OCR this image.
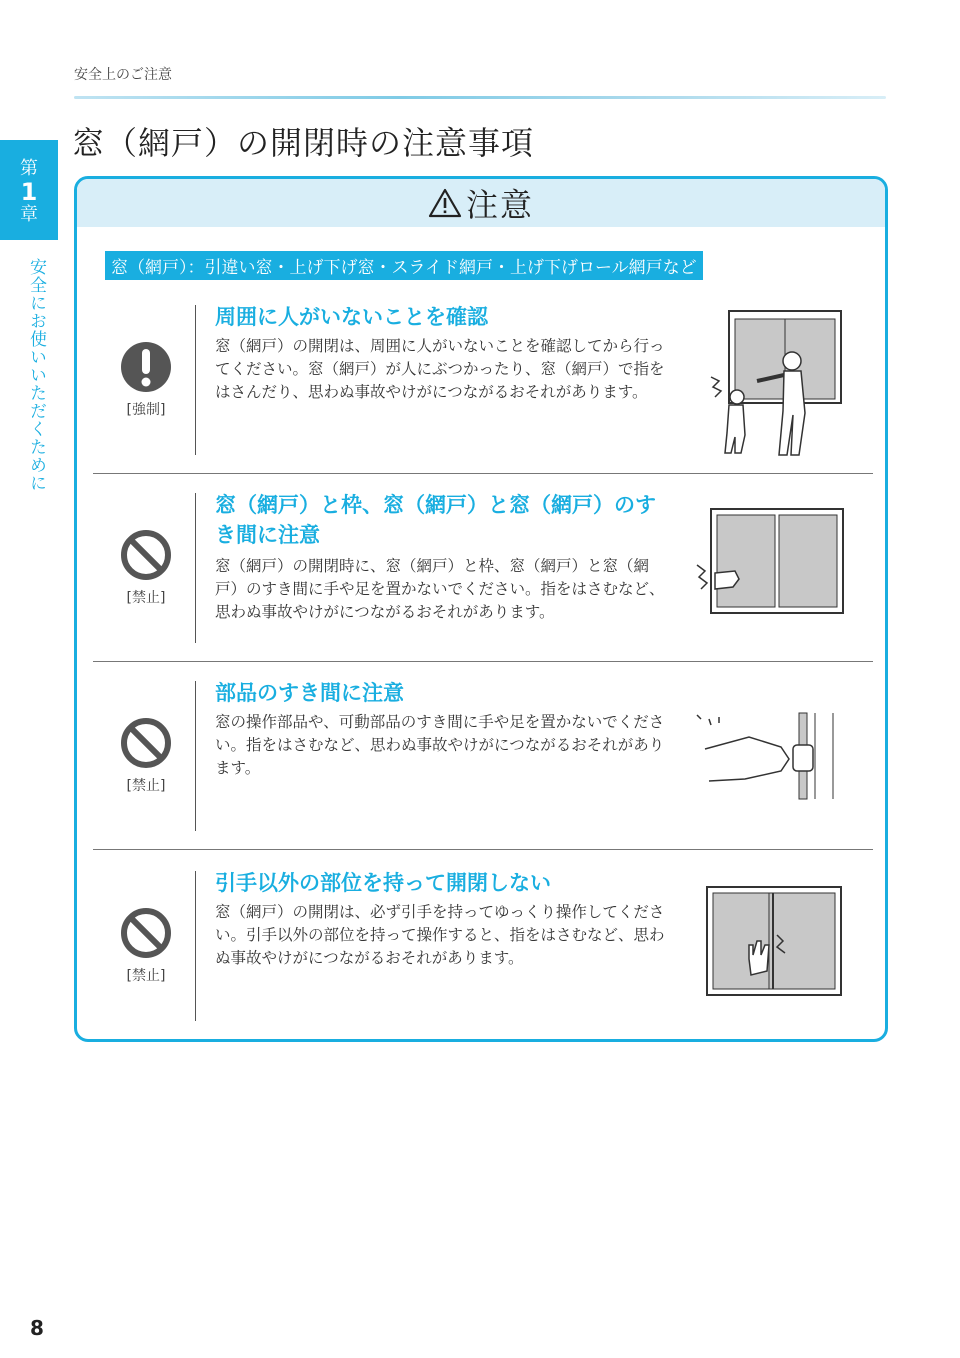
安全上のご注意
窓（網戸）の開閉時の注意事項
第
1
章
安全にお使いいただくために
注意
窓（網戸）：引違い窓・上げ下げ窓・スライド網戸・上げ下げロール網戸など
[強制]
周囲に人がいないことを確認
窓（網戸）の開閉は、周囲に人がいないことを確認してから行ってください。窓（網戸）が人にぶつかったり、窓（網戸）で指をはさんだり、思わぬ事故やけがにつながるおそれがあります。
[禁止]
窓（網戸）と枠、窓（網戸）と窓（網戸）のすき間に注意
窓（網戸）の開閉時に、窓（網戸）と枠、窓（網戸）と窓（網戸）のすき間に手や足を置かないでください。指をはさむなど、思わぬ事故やけがにつながるおそれがあります。
[禁止]
部品のすき間に注意
窓の操作部品や、可動部品のすき間に手や足を置かないでください。指をはさむなど、思わぬ事故やけがにつながるおそれがあります。
[禁止]
引手以外の部位を持って開閉しない
窓（網戸）の開閉は、必ず引手を持ってゆっくり操作してください。引手以外の部位を持って操作すると、指をはさむなど、思わぬ事故やけがにつながるおそれがあります。
8
